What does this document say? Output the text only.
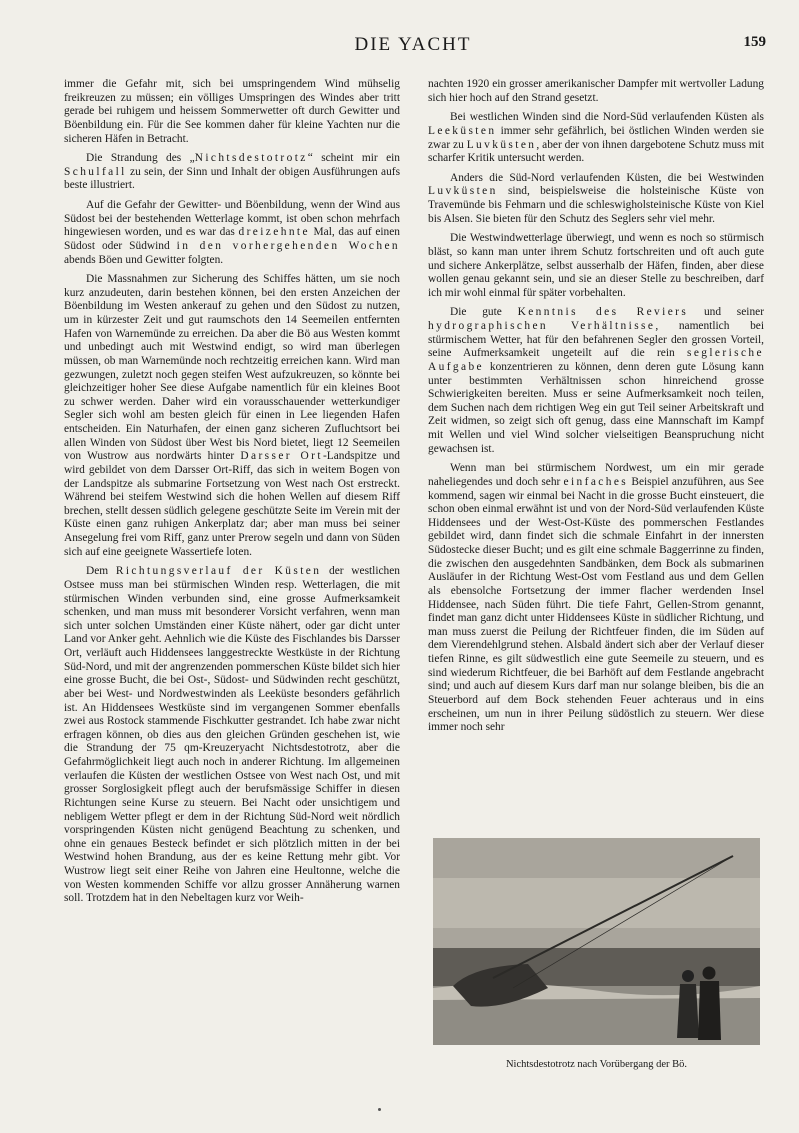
DIE YACHT	159

immer die Gefahr mit, sich bei umspringendem Wind mühselig freikreuzen zu müssen; ein völliges Umspringen des Windes aber tritt gerade bei ruhigem und heissem Sommerwetter oft durch Gewitter und Böenbildung ein. Für die See kommen daher für kleine Yachten nur die sicheren Häfen in Betracht.

Die Strandung des „Nichtsdestotrotz“ scheint mir ein Schulfall zu sein, der Sinn und Inhalt der obigen Ausführungen aufs beste illustriert.

Auf die Gefahr der Gewitter- und Böenbildung, wenn der Wind aus Südost bei der bestehenden Wetterlage kommt, ist oben schon mehrfach hingewiesen worden, und es war das dreizehnte Mal, das auf einen Südost oder Südwind in den vorhergehenden Wochen abends Böen und Gewitter folgten.

Die Massnahmen zur Sicherung des Schiffes hätten, um sie noch kurz anzudeuten, darin bestehen können, bei den ersten Anzeichen der Böenbildung im Westen ankerauf zu gehen und den Südost zu nutzen, um in kürzester Zeit und gut raumschots den 14 Seemeilen entfernten Hafen von Warnemünde zu erreichen. Da aber die Bö aus Westen kommt und unbedingt auch mit Westwind endigt, so wird man überlegen müssen, ob man Warnemünde noch rechtzeitig erreichen kann. Wird man gezwungen, zuletzt noch gegen steifen West aufzukreuzen, so könnte bei gleichzeitiger hoher See diese Aufgabe namentlich für ein kleines Boot zu schwer werden. Daher wird ein vorausschauender wetterkundiger Segler sich wohl am besten gleich für einen in Lee liegenden Hafen entscheiden. Ein Naturhafen, der einen ganz sicheren Zufluchtsort bei allen Winden von Südost über West bis Nord bietet, liegt 12 Seemeilen von Wustrow aus nordwärts hinter Darsser Ort-Landspitze und wird gebildet von dem Darsser Ort-Riff, das sich in weitem Bogen von der Landspitze als submarine Fortsetzung von West nach Ost erstreckt. Während bei steifem Westwind sich die hohen Wellen auf diesem Riff brechen, stellt dessen südlich gelegene geschützte Seite im Verein mit der Küste einen ganz ruhigen Ankerplatz dar; aber man muss bei seiner Ansegelung frei vom Riff, ganz unter Prerow segeln und dann von Süden sich auf eine geeignete Wassertiefe loten.

Dem Richtungsverlauf der Küsten der westlichen Ostsee muss man bei stürmischen Winden resp. Wetterlagen, die mit stürmischen Winden verbunden sind, eine grosse Aufmerksamkeit schenken, und man muss mit besonderer Vorsicht verfahren, wenn man sich unter solchen Umständen einer Küste nähert, oder gar dicht unter Land vor Anker geht. Aehnlich wie die Küste des Fischlandes bis Darsser Ort, verläuft auch Hiddensees langgestreckte Westküste in der Richtung Süd-Nord, und mit der angrenzenden pommerschen Küste bildet sich hier eine grosse Bucht, die bei Ost-, Südost- und Südwinden recht geschützt, aber bei West- und Nordwestwinden als Leeküste besonders gefährlich ist. An Hiddensees Westküste sind im vergangenen Sommer ebenfalls zwei aus Rostock stammende Fischkutter gestrandet. Ich habe zwar nicht erfragen können, ob dies aus den gleichen Gründen geschehen ist, wie die Strandung der 75 qm-Kreuzeryacht Nichtsdestotrotz, aber die Gefahrmöglichkeit liegt auch noch in anderer Richtung. Im allgemeinen verlaufen die Küsten der westlichen Ostsee von West nach Ost, und mit grosser Sorglosigkeit pflegt auch der berufsmässige Schiffer in diesen Richtungen seine Kurse zu steuern. Bei Nacht oder unsichtigem und nebligem Wetter pflegt er dem in der Richtung Süd-Nord weit nördlich vorspringenden Küsten nicht genügend Beachtung zu schenken, und ohne ein genaues Besteck befindet er sich plötzlich mitten in der bei Westwind hohen Brandung, aus der es keine Rettung mehr gibt. Vor Wustrow liegt seit einer Reihe von Jahren eine Heultonne, welche die von Westen kommenden Schiffe vor allzu grosser Annäherung warnen soll. Trotzdem hat in den Nebeltagen kurz vor Weih-

nachten 1920 ein grosser amerikanischer Dampfer mit wertvoller Ladung sich hier hoch auf den Strand gesetzt.

Bei westlichen Winden sind die Nord-Süd verlaufenden Küsten als Leeküsten immer sehr gefährlich, bei östlichen Winden werden sie zwar zu Luvküsten, aber der von ihnen dargebotene Schutz muss mit scharfer Kritik untersucht werden.

Anders die Süd-Nord verlaufenden Küsten, die bei Westwinden Luvküsten sind, beispielsweise die holsteinische Küste von Travemünde bis Fehmarn und die schleswigholsteinische Küste von Kiel bis Alsen. Sie bieten für den Schutz des Seglers sehr viel mehr.

Die Westwindwetterlage überwiegt, und wenn es noch so stürmisch bläst, so kann man unter ihrem Schutz fortschreiten und oft auch gute und sichere Ankerplätze, selbst ausserhalb der Häfen, finden, aber diese wollen genau gekannt sein, und sie an dieser Stelle zu beschreiben, darf ich mir wohl einmal für später vorbehalten.

Die gute Kenntnis des Reviers und seiner hydrographischen Verhältnisse, namentlich bei stürmischem Wetter, hat für den befahrenen Segler den grossen Vorteil, seine Aufmerksamkeit ungeteilt auf die rein seglerische Aufgabe konzentrieren zu können, denn deren gute Lösung kann unter bestimmten Verhältnissen schon hinreichend grosse Schwierigkeiten bereiten. Muss er seine Aufmerksamkeit noch teilen, dem Suchen nach dem richtigen Weg ein gut Teil seiner Arbeitskraft und Zeit widmen, so zeigt sich oft genug, dass eine Mannschaft im Kampf mit Wellen und viel Wind solcher vielseitigen Beanspruchung nicht gewachsen ist.

Wenn man bei stürmischem Nordwest, um ein mir gerade naheliegendes und doch sehr einfaches Beispiel anzuführen, aus See kommend, sagen wir einmal bei Nacht in die grosse Bucht einsteuert, die schon oben einmal erwähnt ist und von der Nord-Süd verlaufenden Küste Hiddensees und der West-Ost-Küste des pommerschen Festlandes gebildet wird, dann findet sich die schmale Einfahrt in der innersten Südostecke dieser Bucht; und es gilt eine schmale Baggerrinne zu finden, die zwischen den ausgedehnten Sandbänken, dem Bock als submarinen Ausläufer in der Richtung West-Ost vom Festland aus und dem Gellen als ebensolche Fortsetzung der immer flacher werdenden Insel Hiddensee, nach Süden führt. Die tiefe Fahrt, Gellen-Strom genannt, findet man ganz dicht unter Hiddensees Küste in südlicher Richtung, und man muss zuerst die Peilung der Richtfeuer finden, die im Süden auf dem Vierendehlgrund stehen. Alsbald ändert sich aber der Verlauf dieser tiefen Rinne, es gilt südwestlich eine gute Seemeile zu steuern, und es sind wiederum Richtfeuer, die bei Barhöft auf dem Festlande angebracht sind; und auch auf diesem Kurs darf man nur solange bleiben, bis die an Steuerbord auf dem Bock stehenden Feuer achteraus und in eins erscheinen, um nun in ihrer Peilung südöstlich zu steuern. Wer diese immer noch sehr

Nichtsdestotrotz nach Vorübergang der Bö.
